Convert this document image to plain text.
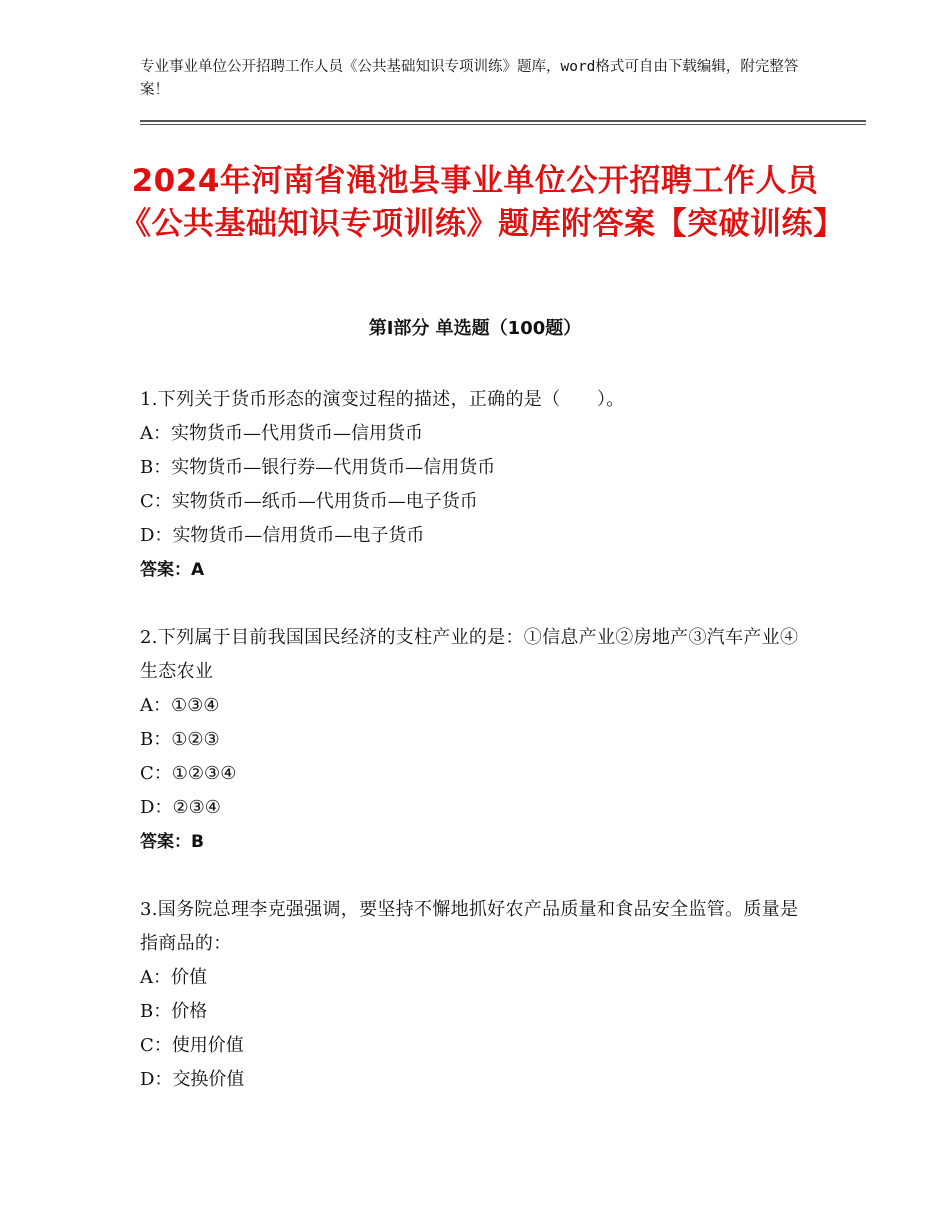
专业事业单位公开招聘工作人员《公共基础知识专项训练》题库，word格式可自由下载编辑，附完整答案！
2024年河南省渑池县事业单位公开招聘工作人员《公共基础知识专项训练》题库附答案【突破训练】
第Ⅰ部分 单选题（100题）
1.下列关于货币形态的演变过程的描述，正确的是（　　）。
A： 实物货币—代用货币—信用货币
B： 实物货币—银行券—代用货币—信用货币
C： 实物货币—纸币—代用货币—电子货币
D： 实物货币—信用货币—电子货币
答案：A
2.下列属于目前我国国民经济的支柱产业的是：①信息产业②房地产③汽车产业④生态农业
A： ①③④
B： ①②③
C： ①②③④
D： ②③④
答案：B
3.国务院总理李克强强调，要坚持不懈地抓好农产品质量和食品安全监管。质量是指商品的：
A： 价值
B： 价格
C： 使用价值
D： 交换价值
